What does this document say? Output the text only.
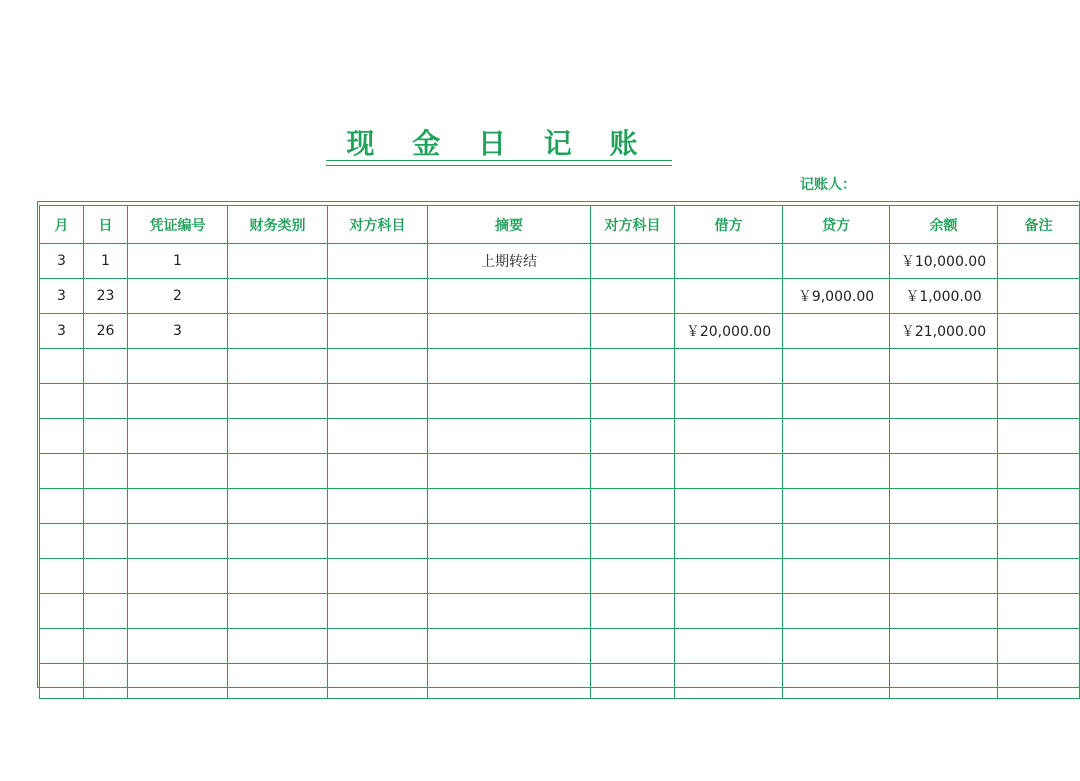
现 金 日 记 账
记账人：
月	日	凭证编号	财务类别	对方科目	摘要	对方科目	借方	贷方	余额	备注
3	1	1			上期转结				￥10,000.00	
3	23	2						￥9,000.00	￥1,000.00	
3	26	3					￥20,000.00		￥21,000.00	
